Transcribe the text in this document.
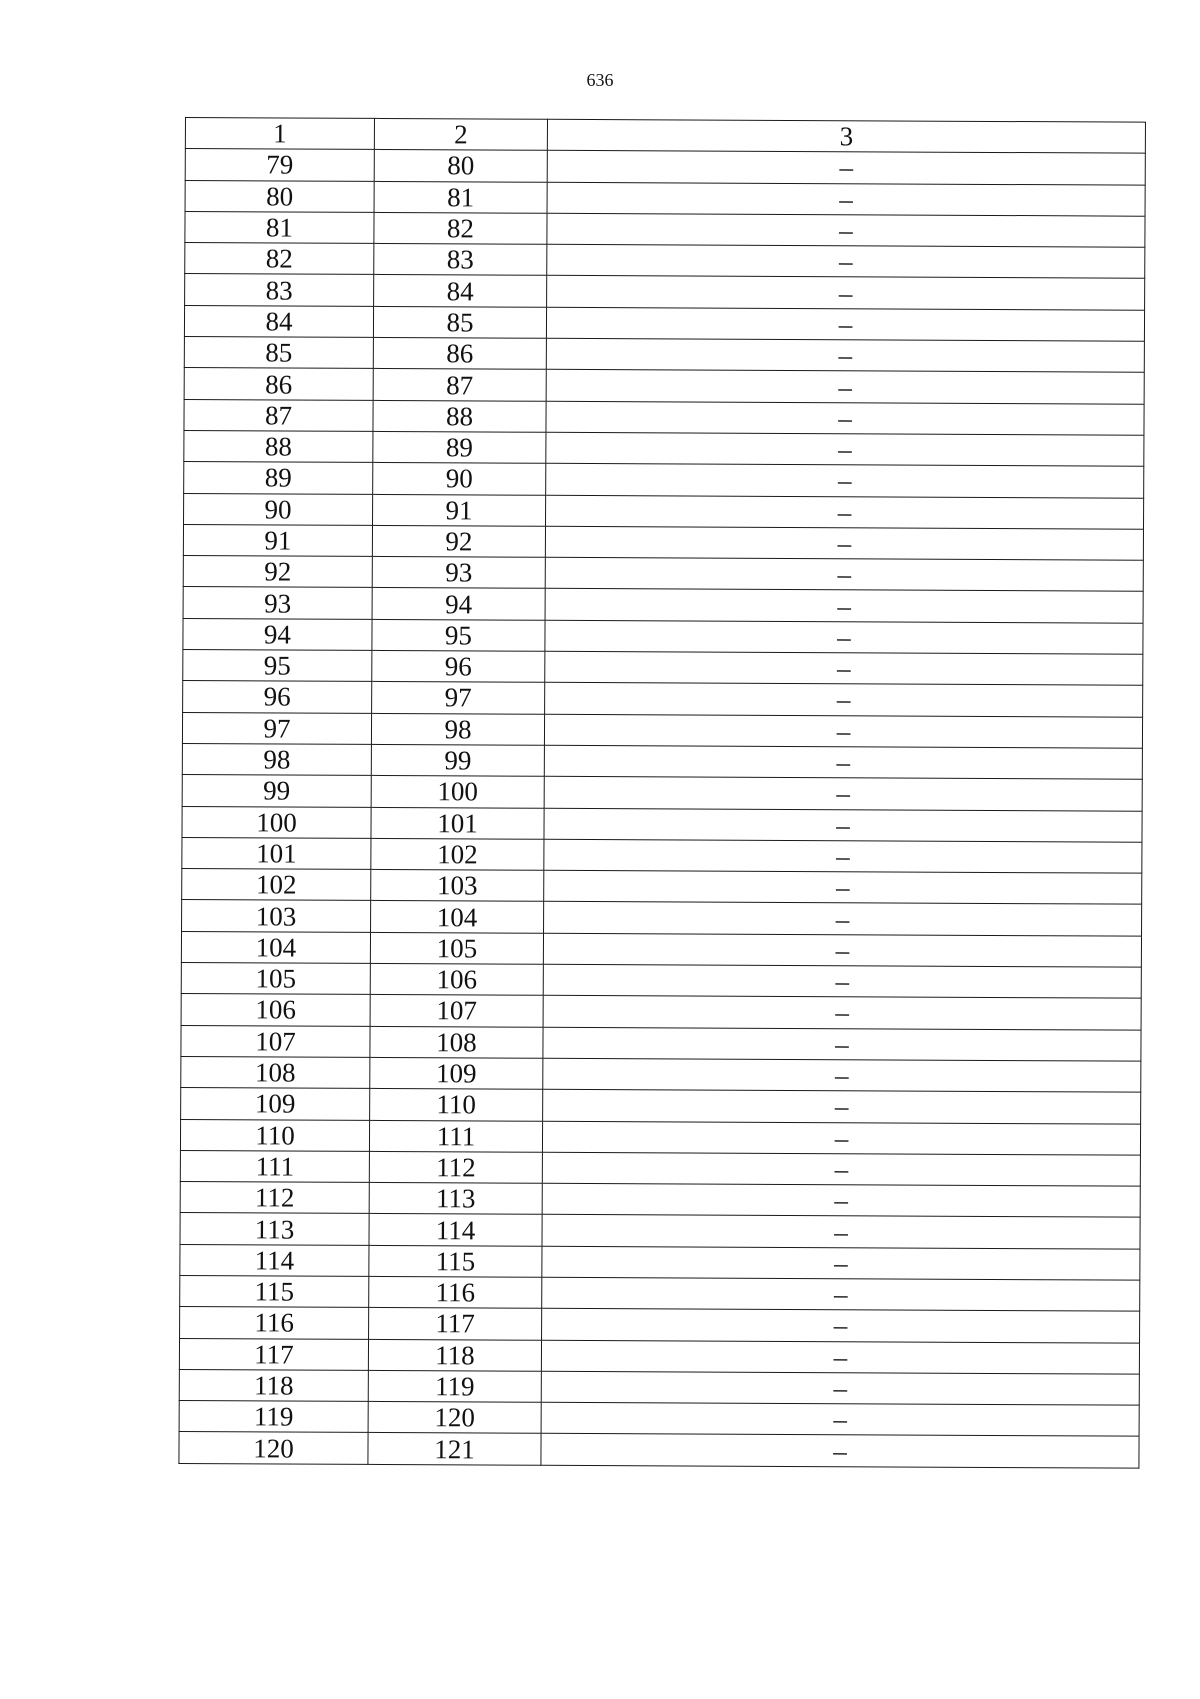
636
1	2	3
79	80	–
80	81	–
81	82	–
82	83	–
83	84	–
84	85	–
85	86	–
86	87	–
87	88	–
88	89	–
89	90	–
90	91	–
91	92	–
92	93	–
93	94	–
94	95	–
95	96	–
96	97	–
97	98	–
98	99	–
99	100	–
100	101	–
101	102	–
102	103	–
103	104	–
104	105	–
105	106	–
106	107	–
107	108	–
108	109	–
109	110	–
110	111	–
111	112	–
112	113	–
113	114	–
114	115	–
115	116	–
116	117	–
117	118	–
118	119	–
119	120	–
120	121	–
